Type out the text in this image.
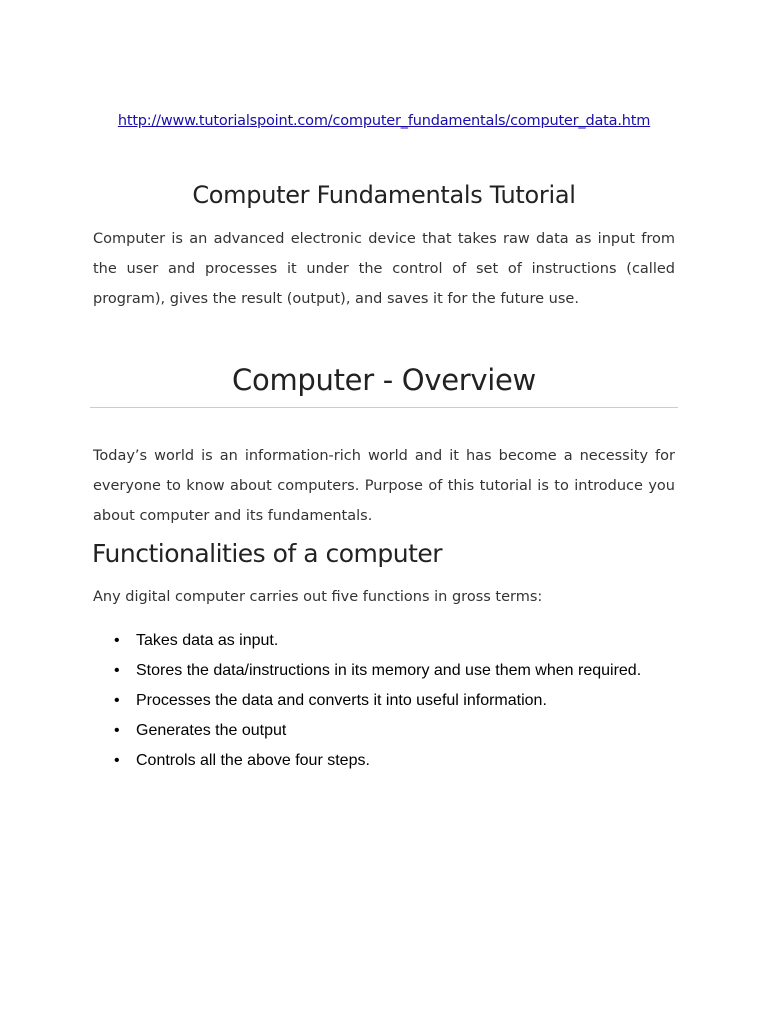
http://www.tutorialspoint.com/computer_fundamentals/computer_data.htm
Computer Fundamentals Tutorial

Computer is an advanced electronic device that takes raw data as input from the user and processes it under the control of set of instructions (called program), gives the result (output), and saves it for the future use.

Computer - Overview

Today’s world is an information-rich world and it has become a necessity for everyone to know about computers. Purpose of this tutorial is to introduce you about computer and its fundamentals.

Functionalities of a computer

Any digital computer carries out five functions in gross terms:

• Takes data as input.
• Stores the data/instructions in its memory and use them when required.
• Processes the data and converts it into useful information.
• Generates the output
• Controls all the above four steps.
